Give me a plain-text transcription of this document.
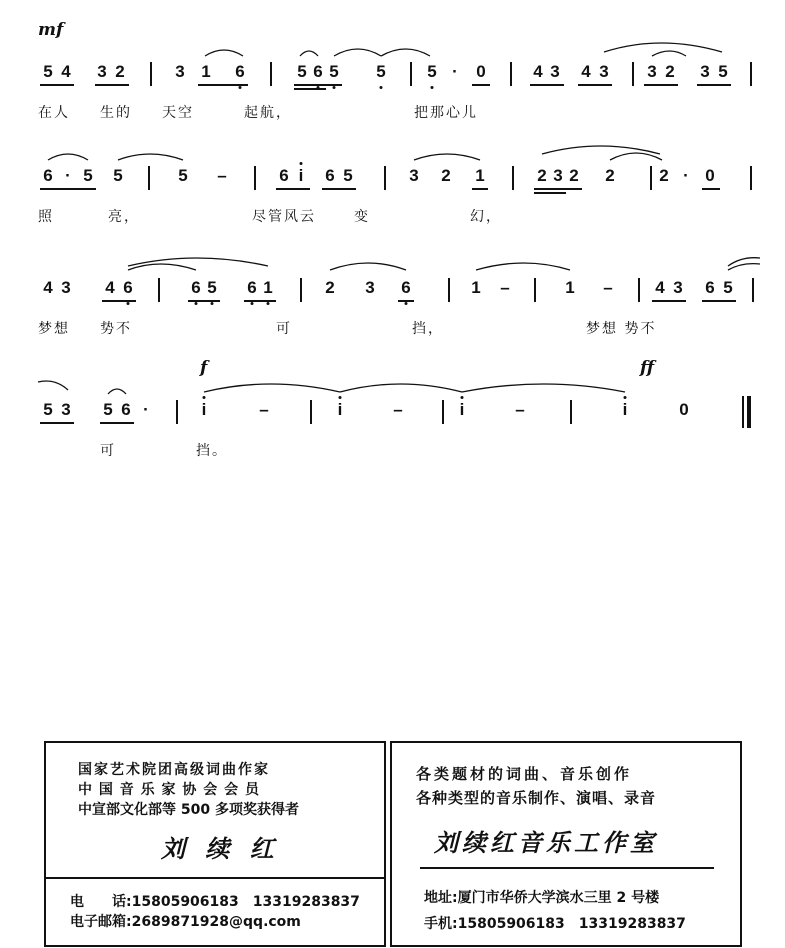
mf
f	ff
5 4 3 2	3 1 6	5 6 5 5 5 · 0	4 3 4 3 3 2 3 5
在人 生的 天空	起航，	把那心儿
6 · 5 5	5 –	6 i 6 5	3 2 1	2 3 2 2	2 · 0
照	亮，	尽管风云	变	幻，
4 3 4 6	6 5 6 1	2 3 6	1 –	1 –	4 3 6 5
梦想 势不	可	挡，	梦想 势不
5 3 5 6 ·	i	–	i	–	i	–	i	0
可	挡。
国家艺术院团高级词曲作家
中 国 音 乐 家 协 会 会 员
中宣部文化部等 500 多项奖获得者
刘 续 红
电　　话:15805906183　13319283837
电子邮箱:2689871928@qq.com
各类题材的词曲、音乐创作
各种类型的音乐制作、演唱、录音
刘续红音乐工作室
地址:厦门市华侨大学滨水三里 2 号楼
手机:15805906183　13319283837
